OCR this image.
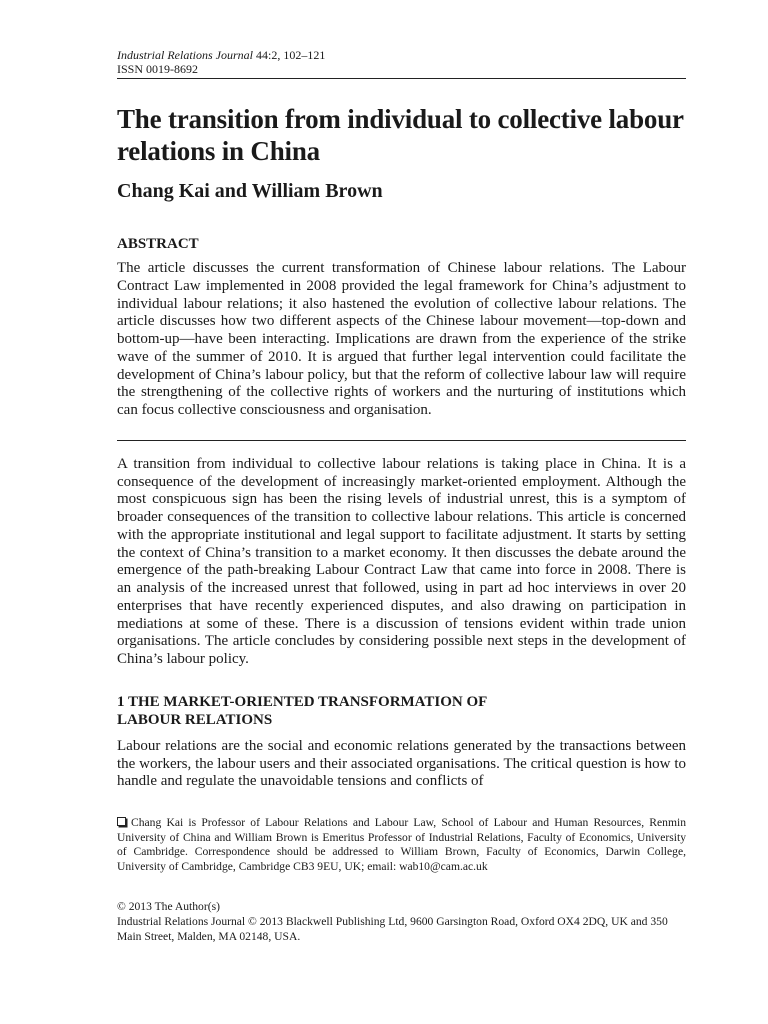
Industrial Relations Journal 44:2, 102–121
ISSN 0019-8692
The transition from individual to collective labour relations in China
Chang Kai and William Brown
ABSTRACT

The article discusses the current transformation of Chinese labour relations. The Labour Contract Law implemented in 2008 provided the legal framework for China’s adjustment to individual labour relations; it also hastened the evolution of collective labour relations. The article discusses how two different aspects of the Chinese labour movement—top-down and bottom-up—have been interacting. Implications are drawn from the experience of the strike wave of the summer of 2010. It is argued that further legal intervention could facilitate the development of China’s labour policy, but that the reform of collective labour law will require the strengthening of the collective rights of workers and the nurturing of institutions which can focus collective consciousness and organisation.

A transition from individual to collective labour relations is taking place in China. It is a consequence of the development of increasingly market-oriented employment. Although the most conspicuous sign has been the rising levels of industrial unrest, this is a symptom of broader consequences of the transition to collective labour relations. This article is concerned with the appropriate institutional and legal support to facilitate adjustment. It starts by setting the context of China’s transition to a market economy. It then discusses the debate around the emergence of the path-breaking Labour Contract Law that came into force in 2008. There is an analysis of the increased unrest that followed, using in part ad hoc interviews in over 20 enterprises that have recently experienced disputes, and also drawing on participation in mediations at some of these. There is a discussion of tensions evident within trade union organisations. The article concludes by considering possible next steps in the development of China’s labour policy.

1 THE MARKET-ORIENTED TRANSFORMATION OF LABOUR RELATIONS

Labour relations are the social and economic relations generated by the transactions between the workers, the labour users and their associated organisations. The critical question is how to handle and regulate the unavoidable tensions and conflicts of

Chang Kai is Professor of Labour Relations and Labour Law, School of Labour and Human Resources, Renmin University of China and William Brown is Emeritus Professor of Industrial Relations, Faculty of Economics, University of Cambridge. Correspondence should be addressed to William Brown, Faculty of Economics, Darwin College, University of Cambridge, Cambridge CB3 9EU, UK; email: wab10@cam.ac.uk

© 2013 The Author(s)
Industrial Relations Journal © 2013 Blackwell Publishing Ltd, 9600 Garsington Road, Oxford OX4 2DQ, UK and 350 Main Street, Malden, MA 02148, USA.
